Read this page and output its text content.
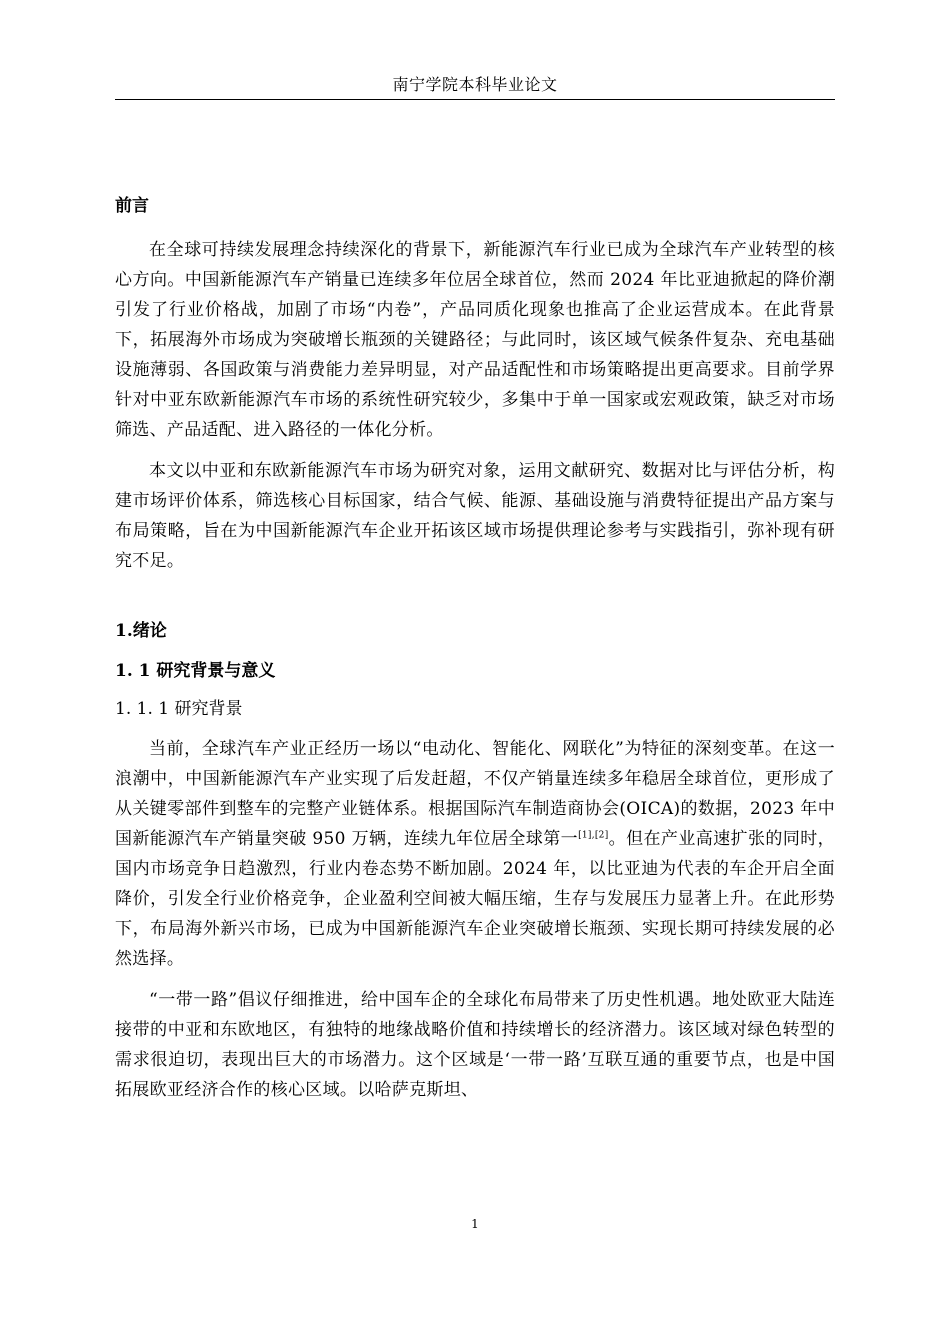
南宁学院本科毕业论文
前言

在全球可持续发展理念持续深化的背景下，新能源汽车行业已成为全球汽车产业转型的核心方向。中国新能源汽车产销量已连续多年位居全球首位，然而 2024 年比亚迪掀起的降价潮引发了行业价格战，加剧了市场“内卷”，产品同质化现象也推高了企业运营成本。在此背景下，拓展海外市场成为突破增长瓶颈的关键路径；与此同时，该区域气候条件复杂、充电基础设施薄弱、各国政策与消费能力差异明显，对产品适配性和市场策略提出更高要求。目前学界针对中亚东欧新能源汽车市场的系统性研究较少，多集中于单一国家或宏观政策，缺乏对市场筛选、产品适配、进入路径的一体化分析。

本文以中亚和东欧新能源汽车市场为研究对象，运用文献研究、数据对比与评估分析，构建市场评价体系，筛选核心目标国家，结合气候、能源、基础设施与消费特征提出产品方案与布局策略，旨在为中国新能源汽车企业开拓该区域市场提供理论参考与实践指引，弥补现有研究不足。

1.绪论
1. 1 研究背景与意义
1. 1. 1 研究背景

当前，全球汽车产业正经历一场以“电动化、智能化、网联化”为特征的深刻变革。在这一浪潮中，中国新能源汽车产业实现了后发赶超，不仅产销量连续多年稳居全球首位，更形成了从关键零部件到整车的完整产业链体系。根据国际汽车制造商协会(OICA)的数据，2023 年中国新能源汽车产销量突破 950 万辆，连续九年位居全球第一[1],[2]。但在产业高速扩张的同时，国内市场竞争日趋激烈，行业内卷态势不断加剧。2024 年，以比亚迪为代表的车企开启全面降价，引发全行业价格竞争，企业盈利空间被大幅压缩，生存与发展压力显著上升。在此形势下，布局海外新兴市场，已成为中国新能源汽车企业突破增长瓶颈、实现长期可持续发展的必然选择。

“一带一路”倡议仔细推进，给中国车企的全球化布局带来了历史性机遇。地处欧亚大陆连接带的中亚和东欧地区，有独特的地缘战略价值和持续增长的经济潜力。该区域对绿色转型的需求很迫切，表现出巨大的市场潜力。这个区域是‘一带一路’互联互通的重要节点，也是中国拓展欧亚经济合作的核心区域。以哈萨克斯坦、

1
